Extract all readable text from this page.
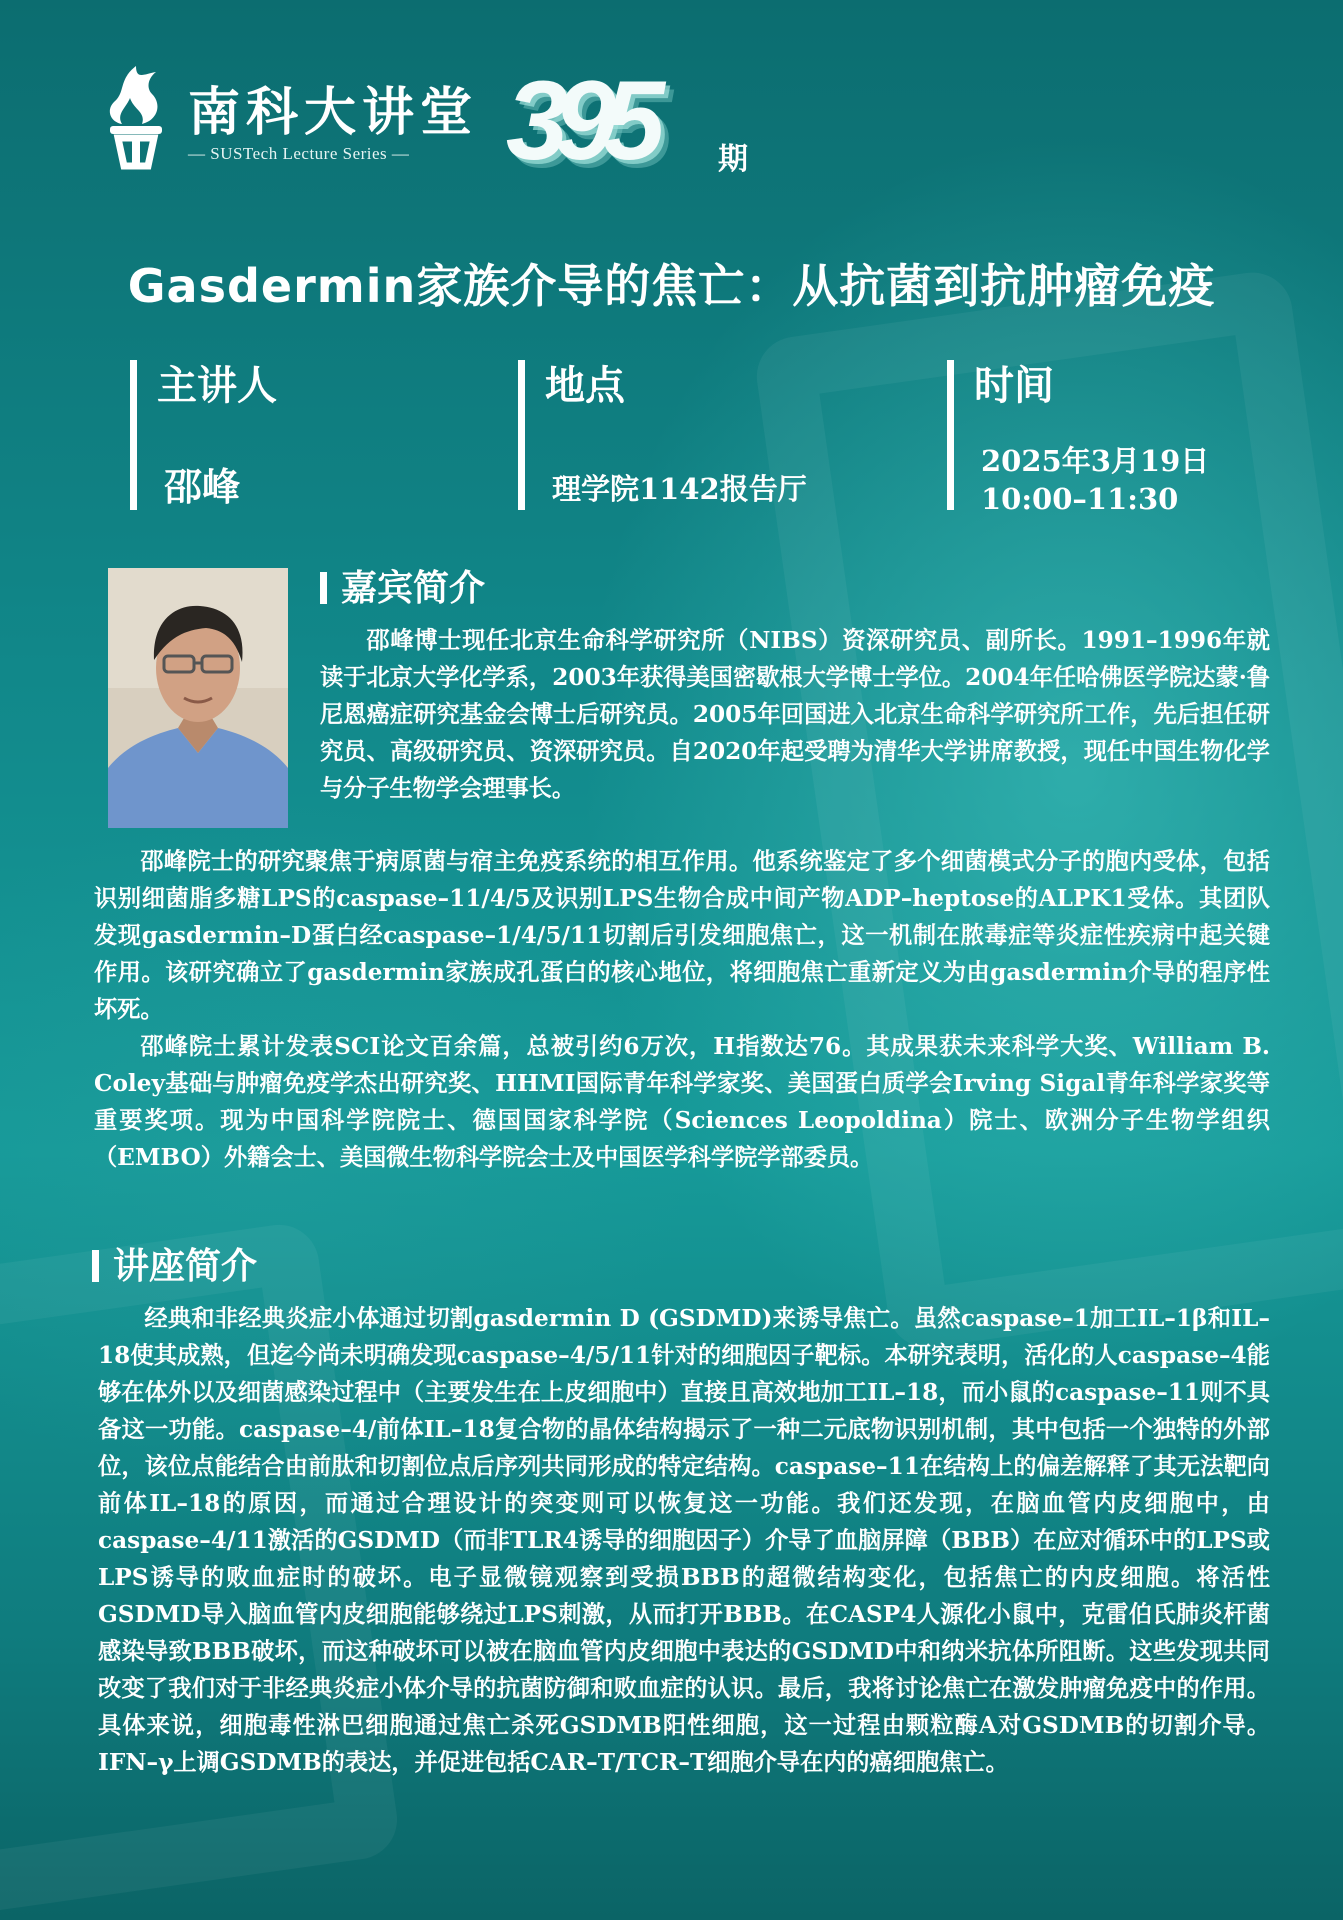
南科大讲堂
— SUSTech Lecture Series — 395 期
Gasdermin家族介导的焦亡：从抗菌到抗肿瘤免疫
主讲人
邵峰
地点
理学院1142报告厅
时间
2025年3月19日
10:00–11:30
嘉宾简介

邵峰博士现任北京生命科学研究所（NIBS）资深研究员、副所长。1991–1996年就读于北京大学化学系，2003年获得美国密歇根大学博士学位。2004年任哈佛医学院达蒙·鲁尼恩癌症研究基金会博士后研究员。2005年回国进入北京生命科学研究所工作，先后担任研究员、高级研究员、资深研究员。自2020年起受聘为清华大学讲席教授，现任中国生物化学与分子生物学会理事长。

邵峰院士的研究聚焦于病原菌与宿主免疫系统的相互作用。他系统鉴定了多个细菌模式分子的胞内受体，包括识别细菌脂多糖LPS的caspase–11/4/5及识别LPS生物合成中间产物ADP–heptose的ALPK1受体。其团队发现gasdermin–D蛋白经caspase–1/4/5/11切割后引发细胞焦亡，这一机制在脓毒症等炎症性疾病中起关键作用。该研究确立了gasdermin家族成孔蛋白的核心地位，将细胞焦亡重新定义为由gasdermin介导的程序性坏死。

邵峰院士累计发表SCI论文百余篇，总被引约6万次，H指数达76。其成果获未来科学大奖、William B. Coley基础与肿瘤免疫学杰出研究奖、HHMI国际青年科学家奖、美国蛋白质学会Irving Sigal青年科学家奖等重要奖项。现为中国科学院院士、德国国家科学院（Sciences Leopoldina）院士、欧洲分子生物学组织（EMBO）外籍会士、美国微生物科学院会士及中国医学科学院学部委员。

讲座简介

经典和非经典炎症小体通过切割gasdermin D (GSDMD)来诱导焦亡。虽然caspase–1加工IL–1β和IL–18使其成熟，但迄今尚未明确发现caspase–4/5/11针对的细胞因子靶标。本研究表明，活化的人caspase–4能够在体外以及细菌感染过程中（主要发生在上皮细胞中）直接且高效地加工IL–18，而小鼠的caspase–11则不具备这一功能。caspase–4/前体IL–18复合物的晶体结构揭示了一种二元底物识别机制，其中包括一个独特的外部位，该位点能结合由前肽和切割位点后序列共同形成的特定结构。caspase–11在结构上的偏差解释了其无法靶向前体IL–18的原因，而通过合理设计的突变则可以恢复这一功能。我们还发现，在脑血管内皮细胞中，由caspase–4/11激活的GSDMD（而非TLR4诱导的细胞因子）介导了血脑屏障（BBB）在应对循环中的LPS或LPS诱导的败血症时的破坏。电子显微镜观察到受损BBB的超微结构变化，包括焦亡的内皮细胞。将活性GSDMD导入脑血管内皮细胞能够绕过LPS刺激，从而打开BBB。在CASP4人源化小鼠中，克雷伯氏肺炎杆菌感染导致BBB破坏，而这种破坏可以被在脑血管内皮细胞中表达的GSDMD中和纳米抗体所阻断。这些发现共同改变了我们对于非经典炎症小体介导的抗菌防御和败血症的认识。最后，我将讨论焦亡在激发肿瘤免疫中的作用。具体来说，细胞毒性淋巴细胞通过焦亡杀死GSDMB阳性细胞，这一过程由颗粒酶A对GSDMB的切割介导。IFN–γ上调GSDMB的表达，并促进包括CAR–T/TCR–T细胞介导在内的癌细胞焦亡。
